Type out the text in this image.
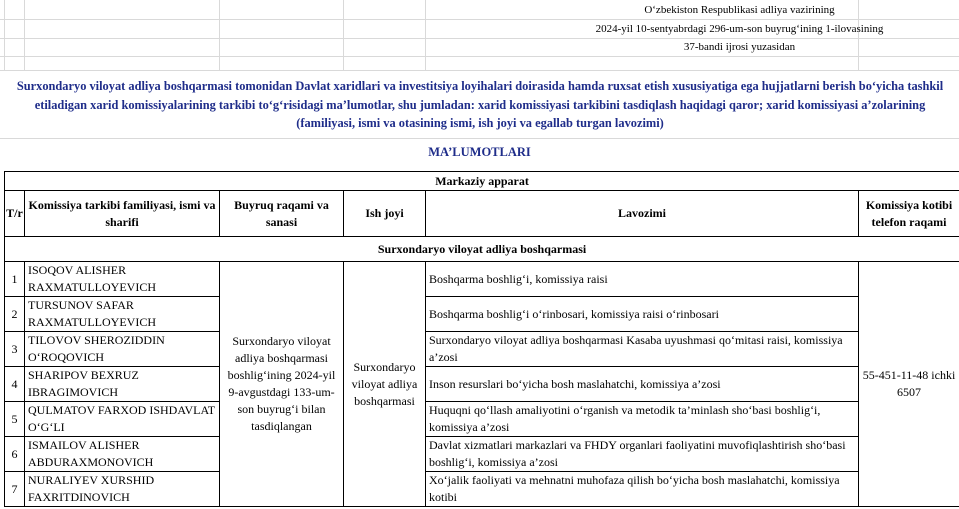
O‘zbekiston Respublikasi adliya vazirining
2024-yil 10-sentyabrdagi 296-um-son buyrug‘ining 1-ilovasining
37-bandi ijrosi yuzasidan
Surxondaryo viloyat adliya boshqarmasi tomonidan Davlat xaridlari va investitsiya loyihalari doirasida hamda ruxsat etish xususiyatiga ega hujjatlarni berish bo‘yicha tashkil etiladigan xarid komissiyalarining tarkibi to‘g‘risidagi ma’lumotlar, shu jumladan: xarid komissiyasi tarkibini tasdiqlash haqidagi qaror; xarid komissiyasi a’zolarining (familiyasi, ismi va otasining ismi, ish joyi va egallab turgan lavozimi)
MA’LUMOTLARI
Markaziy apparat					
T/r	Komissiya tarkibi familiyasi, ismi va sharifi	Buyruq raqami va sanasi	Ish joyi	Lavozimi	Komissiya kotibi telefon raqami
Surxondaryo viloyat adliya boshqarmasi					
1	ISOQOV ALISHER RAXMATULLOYEVICH	Surxondaryo viloyat adliya boshqarmasi boshlig‘ining 2024-yil 9-avgustdagi 133-um-son buyrug‘i bilan tasdiqlangan	Surxondaryo viloyat adliya boshqarmasi	Boshqarma boshlig‘i, komissiya raisi	55-451-11-48 ichki 6507
2	TURSUNOV SAFAR RAXMATULLOYEVICH			Boshqarma boshlig‘i o‘rinbosari, komissiya raisi o‘rinbosari	
3	TILOVOV SHEROZIDDIN O‘ROQOVICH			Surxondaryo viloyat adliya boshqarmasi Kasaba uyushmasi qo‘mitasi raisi, komissiya a’zosi	
4	SHARIPOV BEXRUZ IBRAGIMOVICH			Inson resurslari bo‘yicha bosh maslahatchi, komissiya a’zosi	
5	QULMATOV FARXOD ISHDAVLAT O‘G‘LI			Huquqni qo‘llash amaliyotini o‘rganish va metodik ta’minlash sho‘basi boshlig‘i, komissiya a’zosi	
6	ISMAILOV ALISHER ABDURAXMONOVICH			Davlat xizmatlari markazlari va FHDY organlari faoliyatini muvofiqlashtirish sho‘basi boshlig‘i, komissiya a’zosi	
7	NURALIYEV XURSHID FAXRITDINOVICH			Xo‘jalik faoliyati va mehnatni muhofaza qilish bo‘yicha bosh maslahatchi, komissiya kotibi	
